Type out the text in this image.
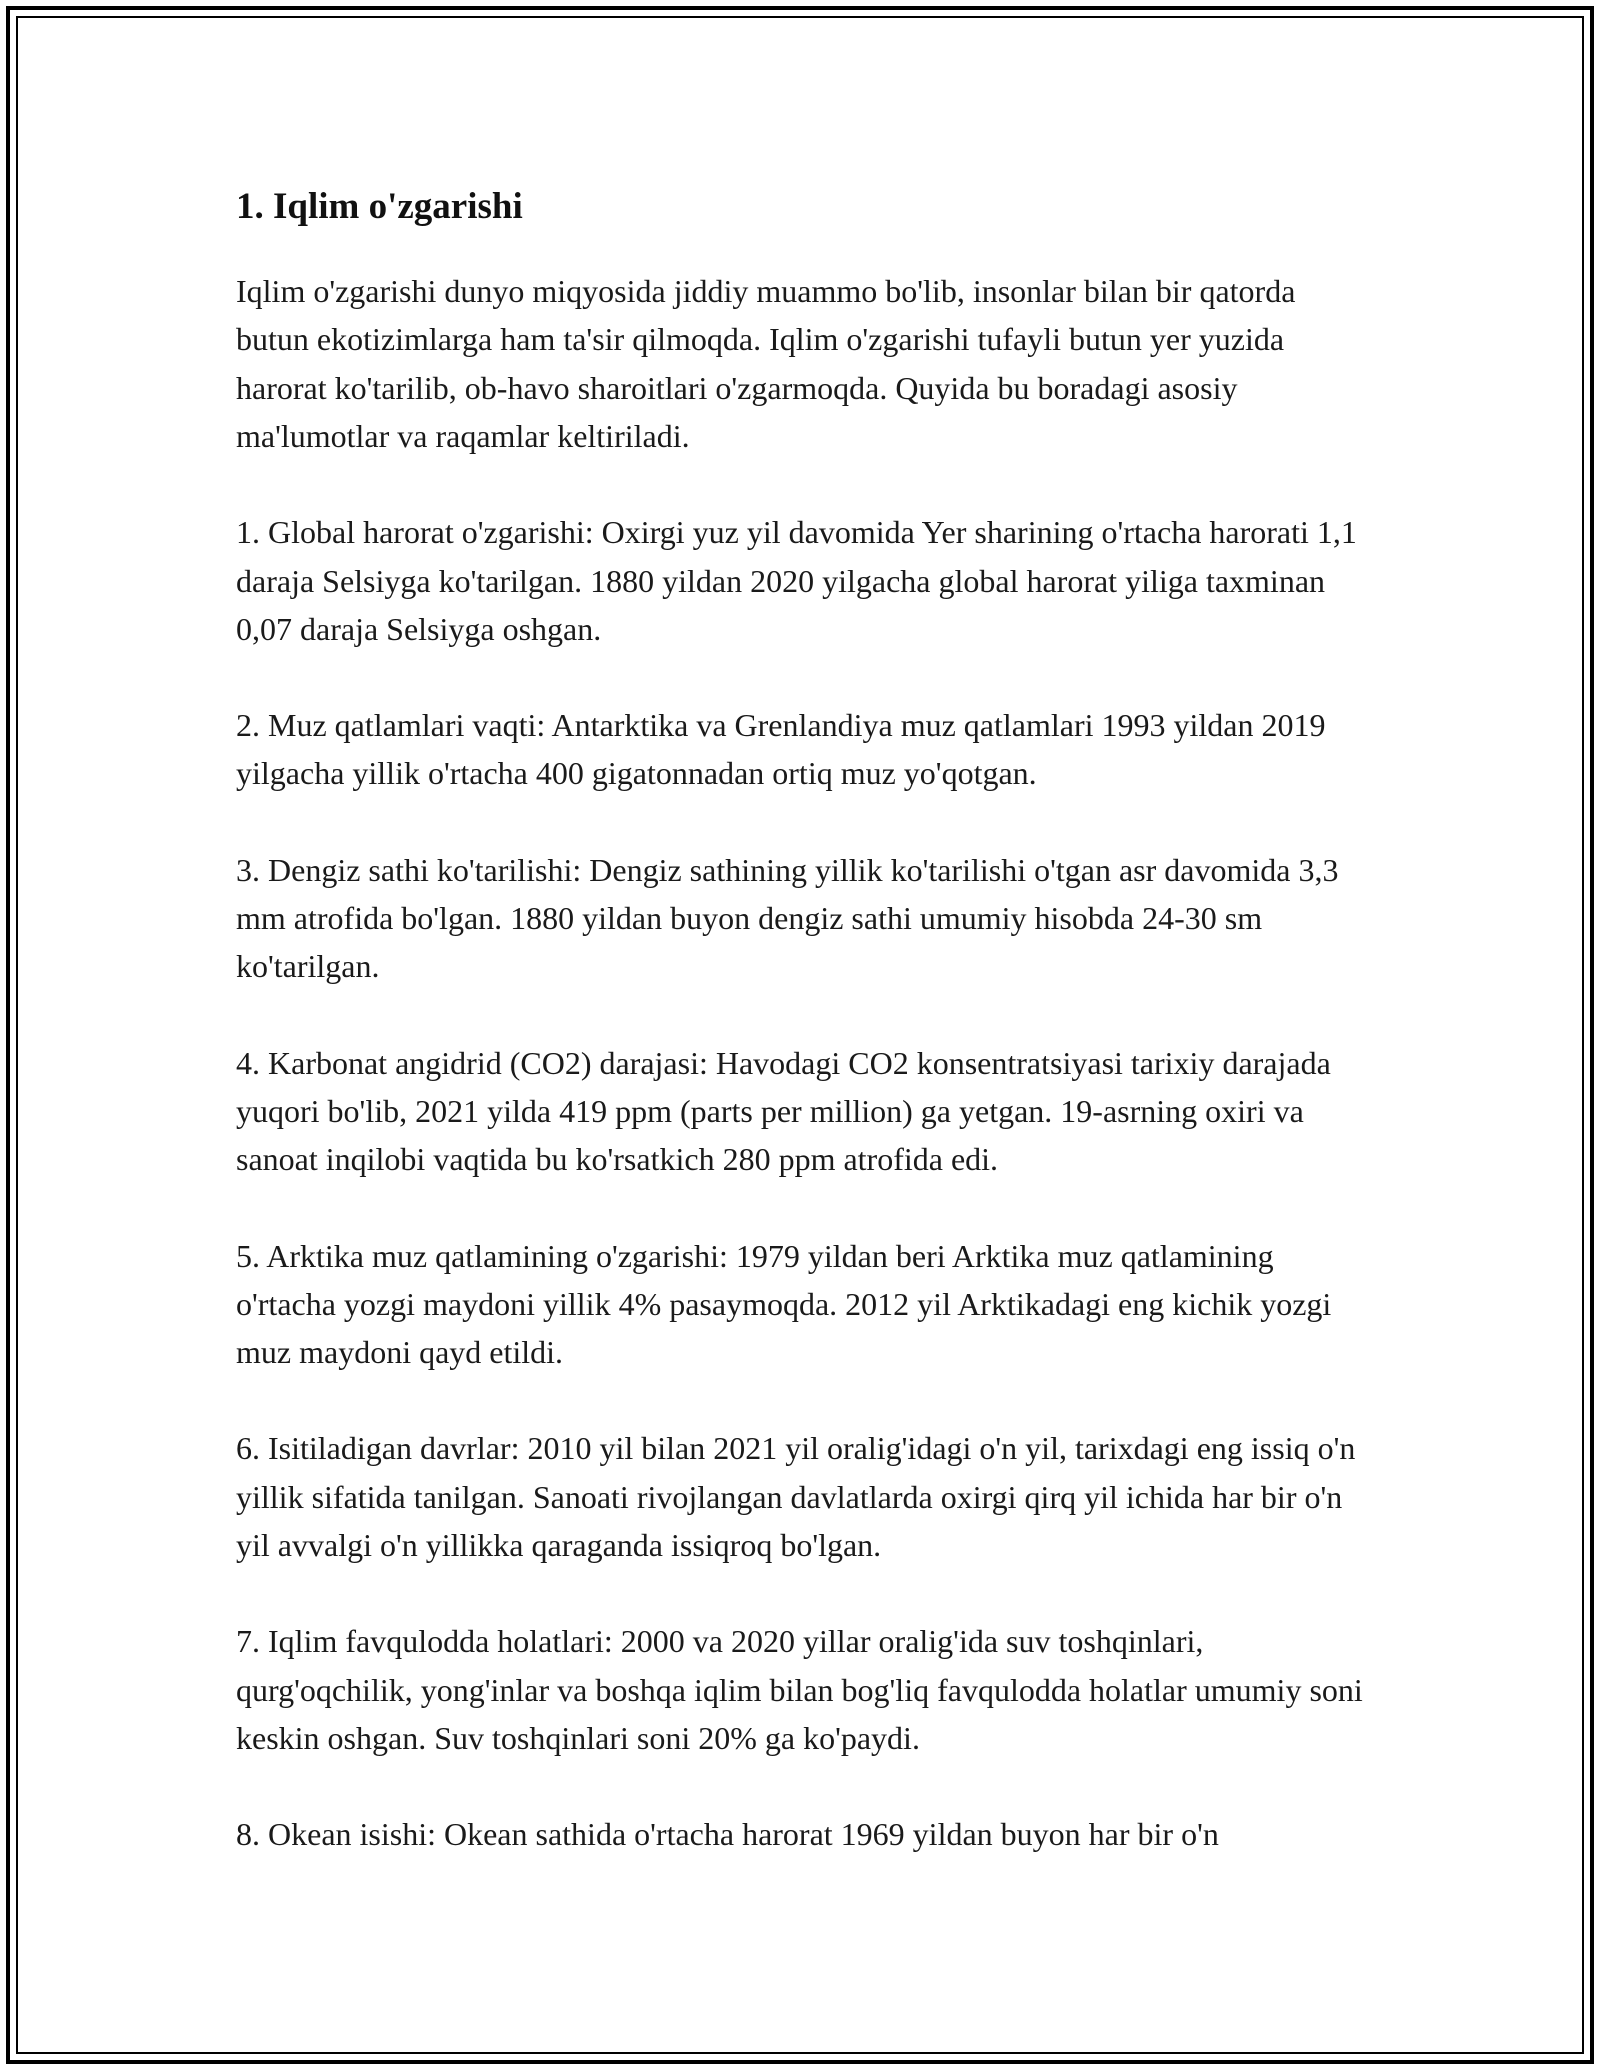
1. Iqlim o'zgarishi

Iqlim o'zgarishi dunyo miqyosida jiddiy muammo bo'lib, insonlar bilan bir qatorda butun ekotizimlarga ham ta'sir qilmoqda. Iqlim o'zgarishi tufayli butun yer yuzida harorat ko'tarilib, ob-havo sharoitlari o'zgarmoqda. Quyida bu boradagi asosiy ma'lumotlar va raqamlar keltiriladi.

1. Global harorat o'zgarishi: Oxirgi yuz yil davomida Yer sharining o'rtacha harorati 1,1 daraja Selsiyga ko'tarilgan. 1880 yildan 2020 yilgacha global harorat yiliga taxminan 0,07 daraja Selsiyga oshgan.

2. Muz qatlamlari vaqti: Antarktika va Grenlandiya muz qatlamlari 1993 yildan 2019 yilgacha yillik o'rtacha 400 gigatonnadan ortiq muz yo'qotgan.

3. Dengiz sathi ko'tarilishi: Dengiz sathining yillik ko'tarilishi o'tgan asr davomida 3,3 mm atrofida bo'lgan. 1880 yildan buyon dengiz sathi umumiy hisobda 24-30 sm ko'tarilgan.

4. Karbonat angidrid (CO2) darajasi: Havodagi CO2 konsentratsiyasi tarixiy darajada yuqori bo'lib, 2021 yilda 419 ppm (parts per million) ga yetgan. 19-asrning oxiri va sanoat inqilobi vaqtida bu ko'rsatkich 280 ppm atrofida edi.

5. Arktika muz qatlamining o'zgarishi: 1979 yildan beri Arktika muz qatlamining o'rtacha yozgi maydoni yillik 4% pasaymoqda. 2012 yil Arktikadagi eng kichik yozgi muz maydoni qayd etildi.

6. Isitiladigan davrlar: 2010 yil bilan 2021 yil oralig'idagi o'n yil, tarixdagi eng issiq o'n yillik sifatida tanilgan. Sanoati rivojlangan davlatlarda oxirgi qirq yil ichida har bir o'n yil avvalgi o'n yillikka qaraganda issiqroq bo'lgan.

7. Iqlim favqulodda holatlari: 2000 va 2020 yillar oralig'ida suv toshqinlari, qurg'oqchilik, yong'inlar va boshqa iqlim bilan bog'liq favqulodda holatlar umumiy soni keskin oshgan. Suv toshqinlari soni 20% ga ko'paydi.

8. Okean isishi: Okean sathida o'rtacha harorat 1969 yildan buyon har bir o'n
